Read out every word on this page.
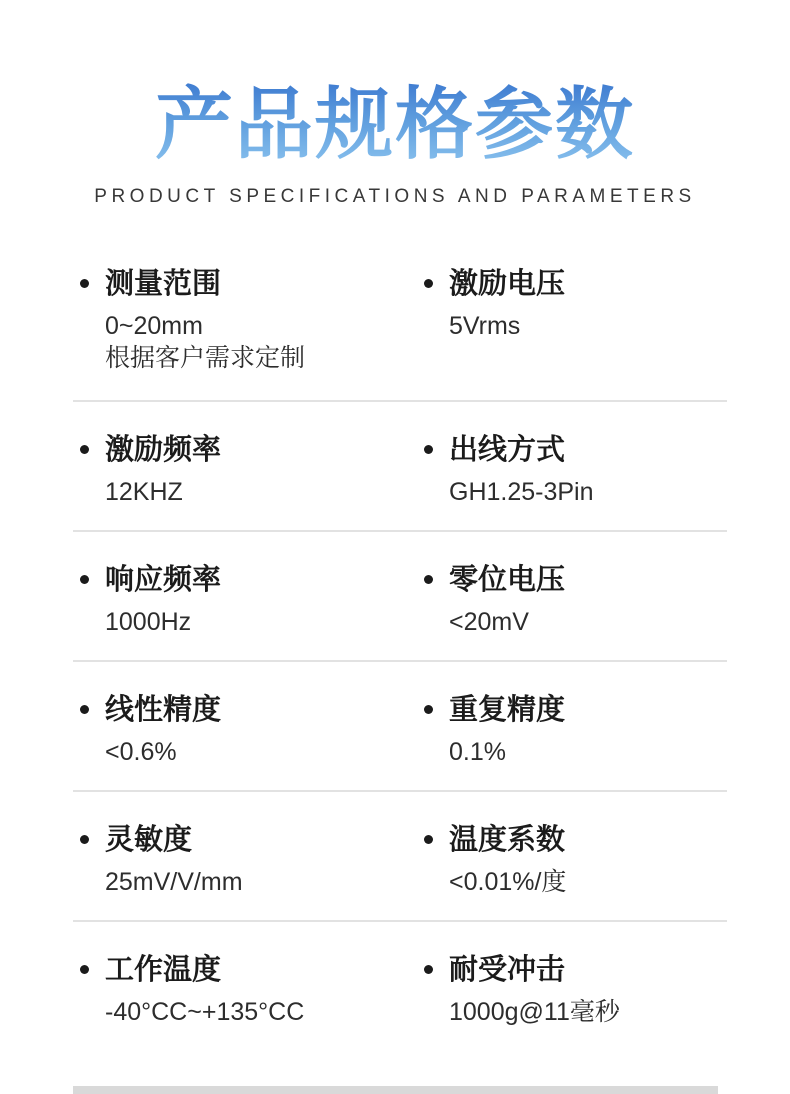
产品规格参数
PRODUCT SPECIFICATIONS AND PARAMETERS
测量范围
0~20mm
根据客户需求定制
激励电压
5Vrms
激励频率
12KHZ
出线方式
GH1.25-3Pin
响应频率
1000Hz
零位电压
<20mV
线性精度
<0.6%
重复精度
0.1%
灵敏度
25mV/V/mm
温度系数
<0.01%/度
工作温度
-40°CC~+135°CC
耐受冲击
1000g@11毫秒
